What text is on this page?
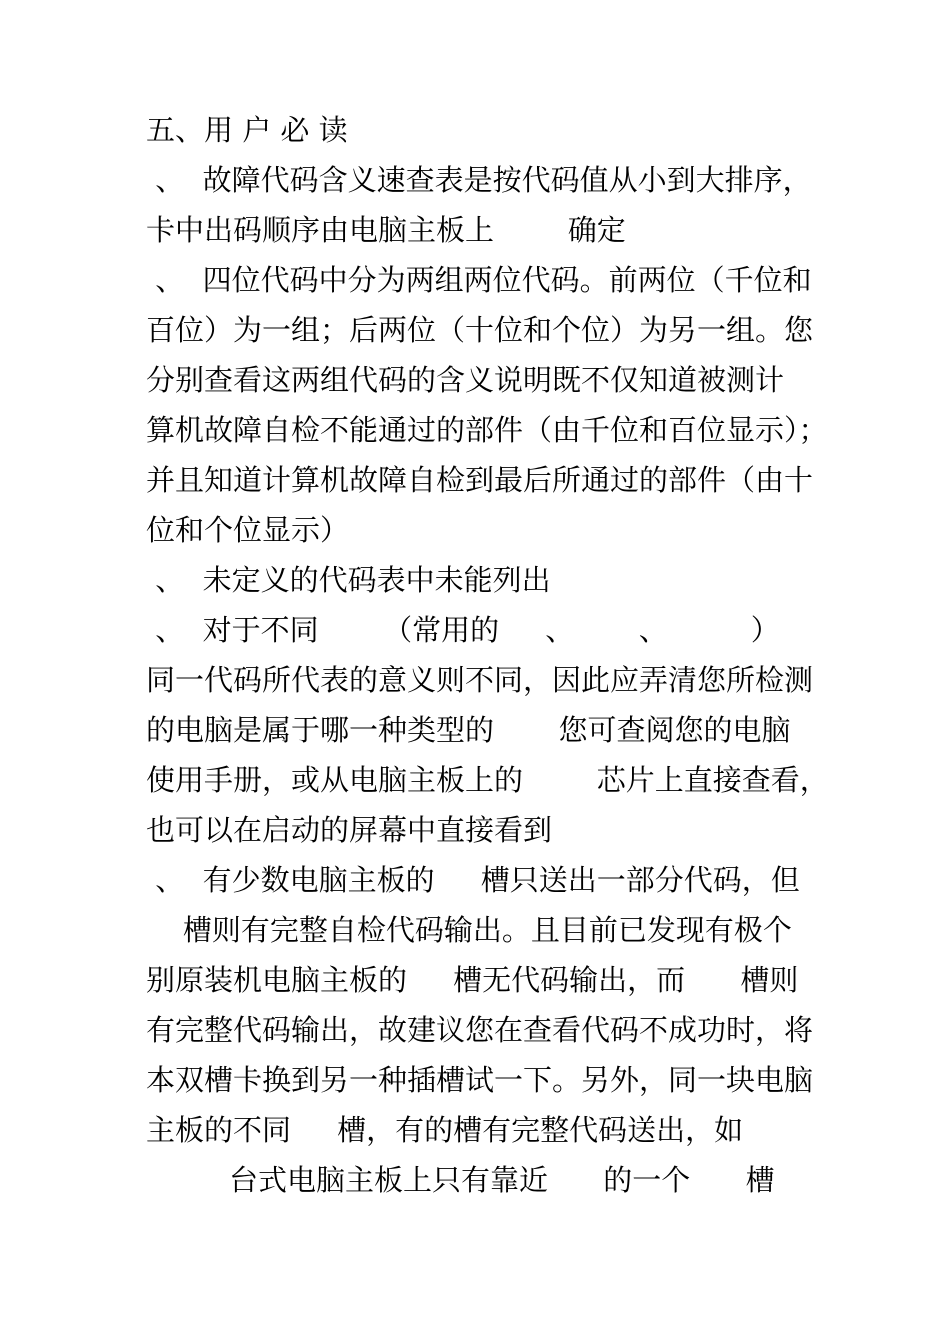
五、用 户 必 读
、  故障代码含义速查表是按代码值从小到大排序，
卡中出码顺序由电脑主板上        确定
、  四位代码中分为两组两位代码。前两位（千位和
百位）为一组；后两位（十位和个位）为另一组。您
分别查看这两组代码的含义说明既不仅知道被测计
算机故障自检不能通过的部件（由千位和百位显示）；
并且知道计算机故障自检到最后所通过的部件（由十
位和个位显示）
、  未定义的代码表中未能列出
、  对于不同       （常用的     、       、         ）
同一代码所代表的意义则不同，因此应弄清您所检测
的电脑是属于哪一种类型的       您可查阅您的电脑
使用手册，或从电脑主板上的        芯片上直接查看，
也可以在启动的屏幕中直接看到
、  有少数电脑主板的     槽只送出一部分代码，但
槽则有完整自检代码输出。且目前已发现有极个
别原装机电脑主板的     槽无代码输出，而      槽则
有完整代码输出，故建议您在查看代码不成功时，将
本双槽卡换到另一种插槽试一下。另外，同一块电脑
主板的不同     槽，有的槽有完整代码送出，如
台式电脑主板上只有靠近      的一个      槽
